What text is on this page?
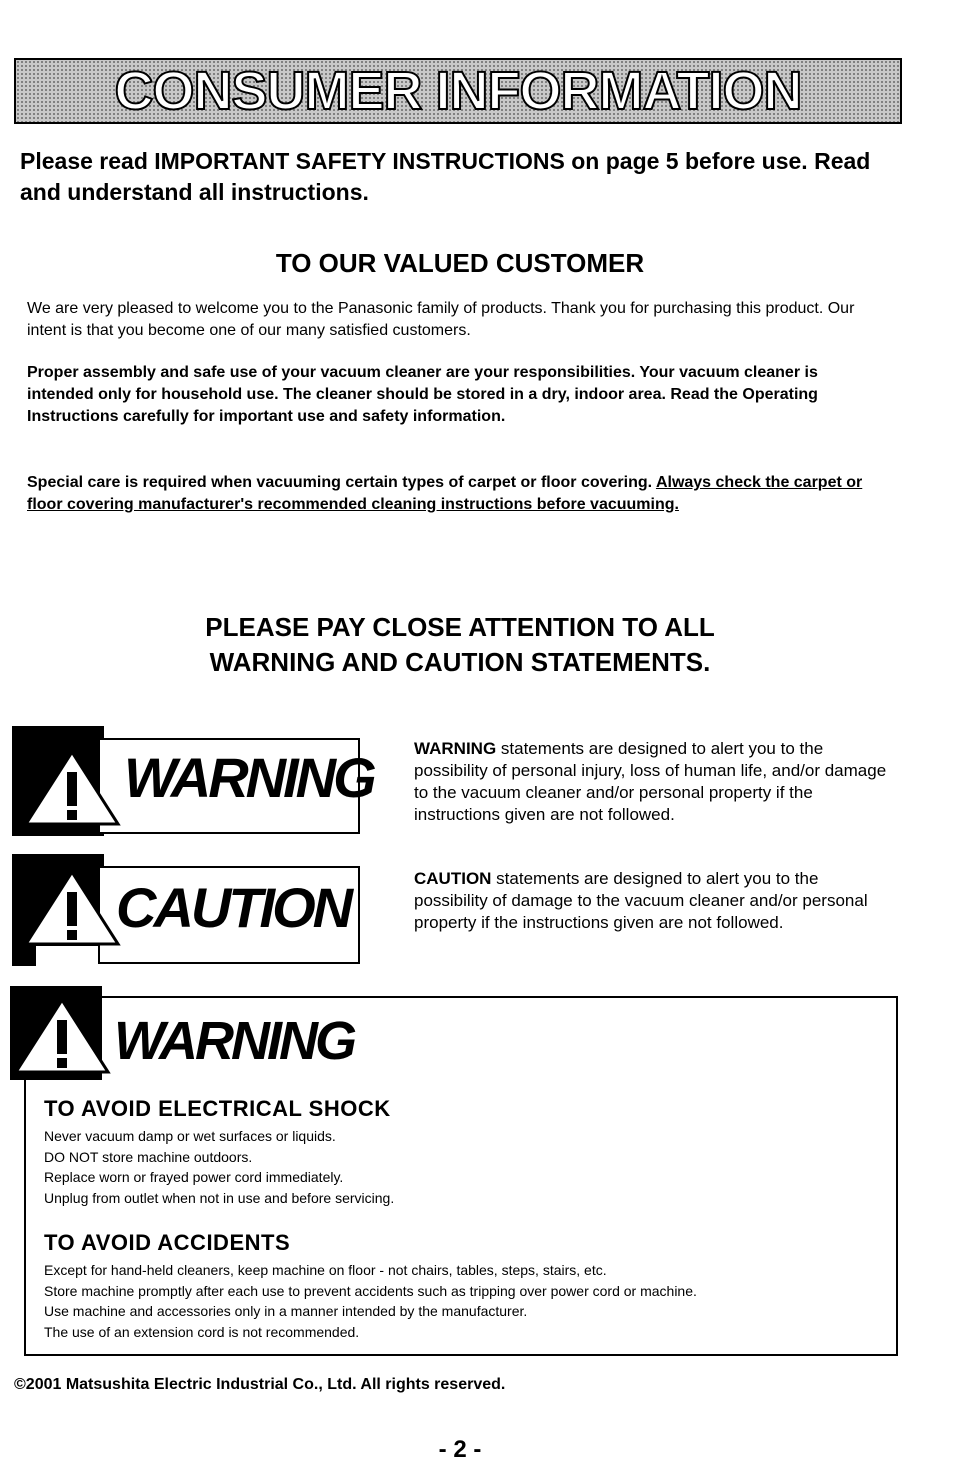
CONSUMER INFORMATION

Please read IMPORTANT SAFETY INSTRUCTIONS on page 5 before use. Read and understand all instructions.

TO OUR VALUED CUSTOMER

We are very pleased to welcome you to the Panasonic family of products. Thank you for purchasing this product. Our intent is that you become one of our many satisfied customers.

Proper assembly and safe use of your vacuum cleaner are your responsibilities. Your vacuum cleaner is intended only for household use. The cleaner should be stored in a dry, indoor area. Read the Operating Instructions carefully for important use and safety information.

Special care is required when vacuuming certain types of carpet or floor covering. Always check the carpet or floor covering manufacturer's recommended cleaning instructions before vacuuming.

PLEASE PAY CLOSE ATTENTION TO ALL
WARNING AND CAUTION STATEMENTS.
WARNING WARNING statements are designed to alert you to the possibility of personal injury, loss of human life, and/or damage to the vacuum cleaner and/or personal property if the instructions given are not followed.

CAUTION	CAUTION statements are designed to alert you to the possibility of damage to the vacuum cleaner and/or personal property if the instructions given are not followed.

WARNING
TO AVOID ELECTRICAL SHOCK
Never vacuum damp or wet surfaces or liquids.
DO NOT store machine outdoors.
Replace worn or frayed power cord immediately.
Unplug from outlet when not in use and before servicing.
TO AVOID ACCIDENTS
Except for hand-held cleaners, keep machine on floor - not chairs, tables, steps, stairs, etc.
Store machine promptly after each use to prevent accidents such as tripping over power cord or machine.
Use machine and accessories only in a manner intended by the manufacturer.
The use of an extension cord is not recommended.

©2001 Matsushita Electric Industrial Co., Ltd. All rights reserved.

- 2 -
